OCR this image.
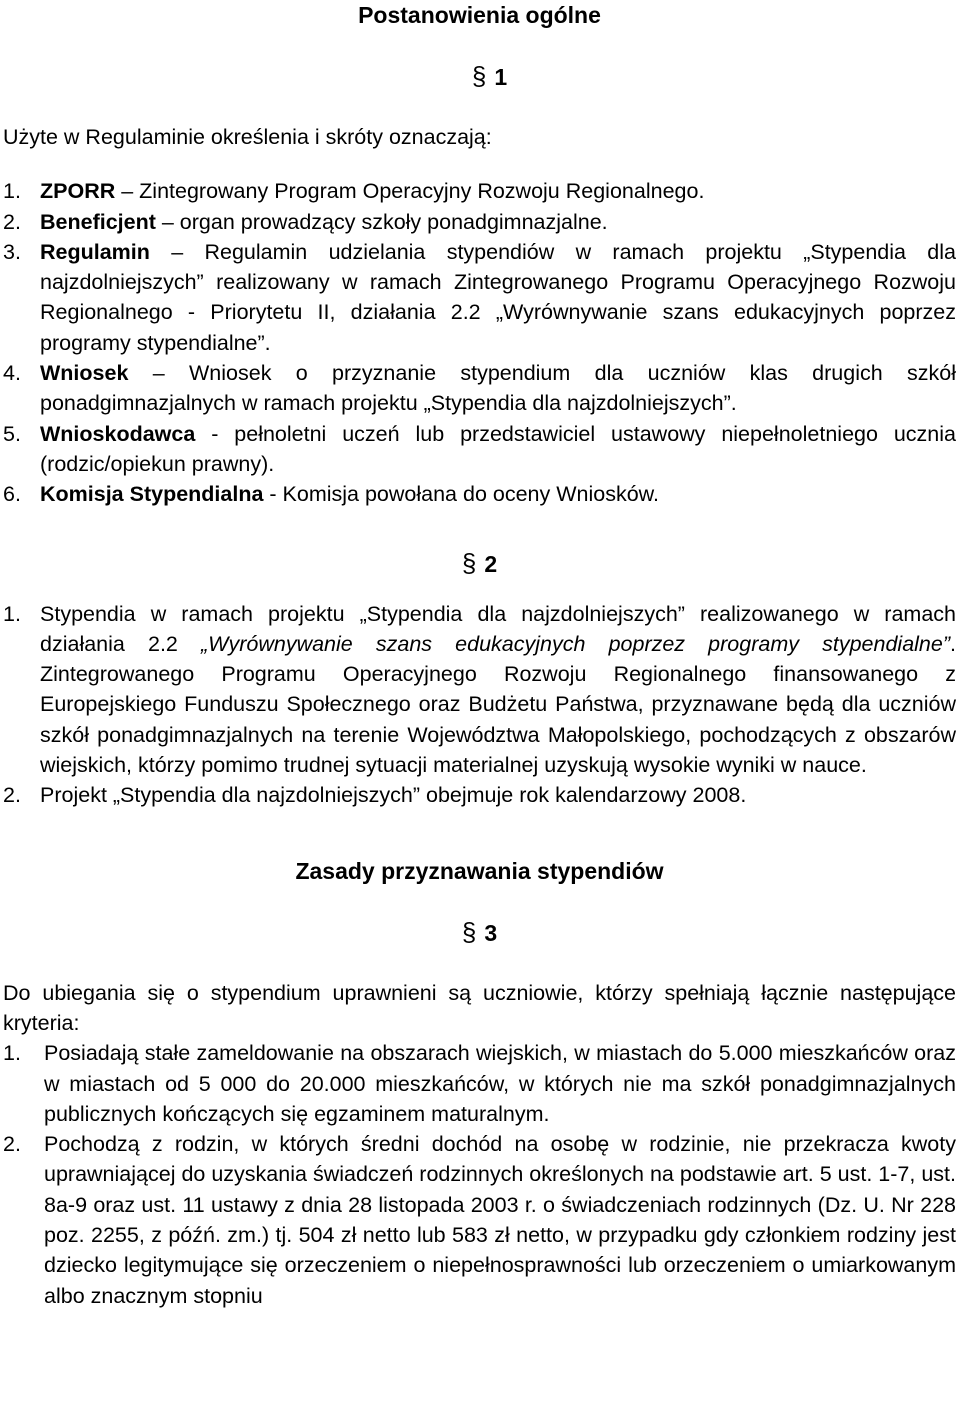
Postanowienia ogólne
§ 1

Użyte w Regulaminie określenia i skróty oznaczają:

1. ZPORR – Zintegrowany Program Operacyjny Rozwoju Regionalnego.
2. Beneficjent – organ prowadzący szkoły ponadgimnazjalne.
3. Regulamin – Regulamin udzielania stypendiów w ramach projektu „Stypendia dla najzdolniejszych” realizowany w ramach Zintegrowanego Programu Operacyjnego Rozwoju Regionalnego - Priorytetu II, działania 2.2 „Wyrównywanie szans edukacyjnych poprzez programy stypendialne”.
4. Wniosek – Wniosek o przyznanie stypendium dla uczniów klas drugich szkół ponadgimnazjalnych w ramach projektu „Stypendia dla najzdolniejszych”.
5. Wnioskodawca - pełnoletni uczeń lub przedstawiciel ustawowy niepełnoletniego ucznia (rodzic/opiekun prawny).
6. Komisja Stypendialna - Komisja powołana do oceny Wniosków.
§ 2
1. Stypendia w ramach projektu „Stypendia dla najzdolniejszych” realizowanego w ramach działania 2.2 „Wyrównywanie szans edukacyjnych poprzez programy stypendialne”. Zintegrowanego Programu Operacyjnego Rozwoju Regionalnego finansowanego z Europejskiego Funduszu Społecznego oraz Budżetu Państwa, przyznawane będą dla uczniów szkół ponadgimnazjalnych na terenie Województwa Małopolskiego, pochodzących z obszarów wiejskich, którzy pomimo trudnej sytuacji materialnej uzyskują wysokie wyniki w nauce.
2. Projekt „Stypendia dla najzdolniejszych” obejmuje rok kalendarzowy 2008.
Zasady przyznawania stypendiów
§ 3

Do ubiegania się o stypendium uprawnieni są uczniowie, którzy spełniają łącznie następujące kryteria:

1.	Posiadają stałe zameldowanie na obszarach wiejskich, w miastach do 5.000 mieszkańców oraz w miastach od 5 000 do 20.000 mieszkańców, w których nie ma szkół ponadgimnazjalnych publicznych kończących się egzaminem maturalnym.
2.	Pochodzą z rodzin, w których średni dochód na osobę w rodzinie, nie przekracza kwoty uprawniającej do uzyskania świadczeń rodzinnych określonych na podstawie art. 5 ust. 1-7, ust. 8a-9 oraz ust. 11 ustawy z dnia 28 listopada 2003 r. o świadczeniach rodzinnych (Dz. U. Nr 228 poz. 2255, z późń. zm.) tj. 504 zł netto lub 583 zł netto, w przypadku gdy członkiem rodziny jest dziecko legitymujące się orzeczeniem o niepełnosprawności lub orzeczeniem o umiarkowanym albo znacznym stopniu
